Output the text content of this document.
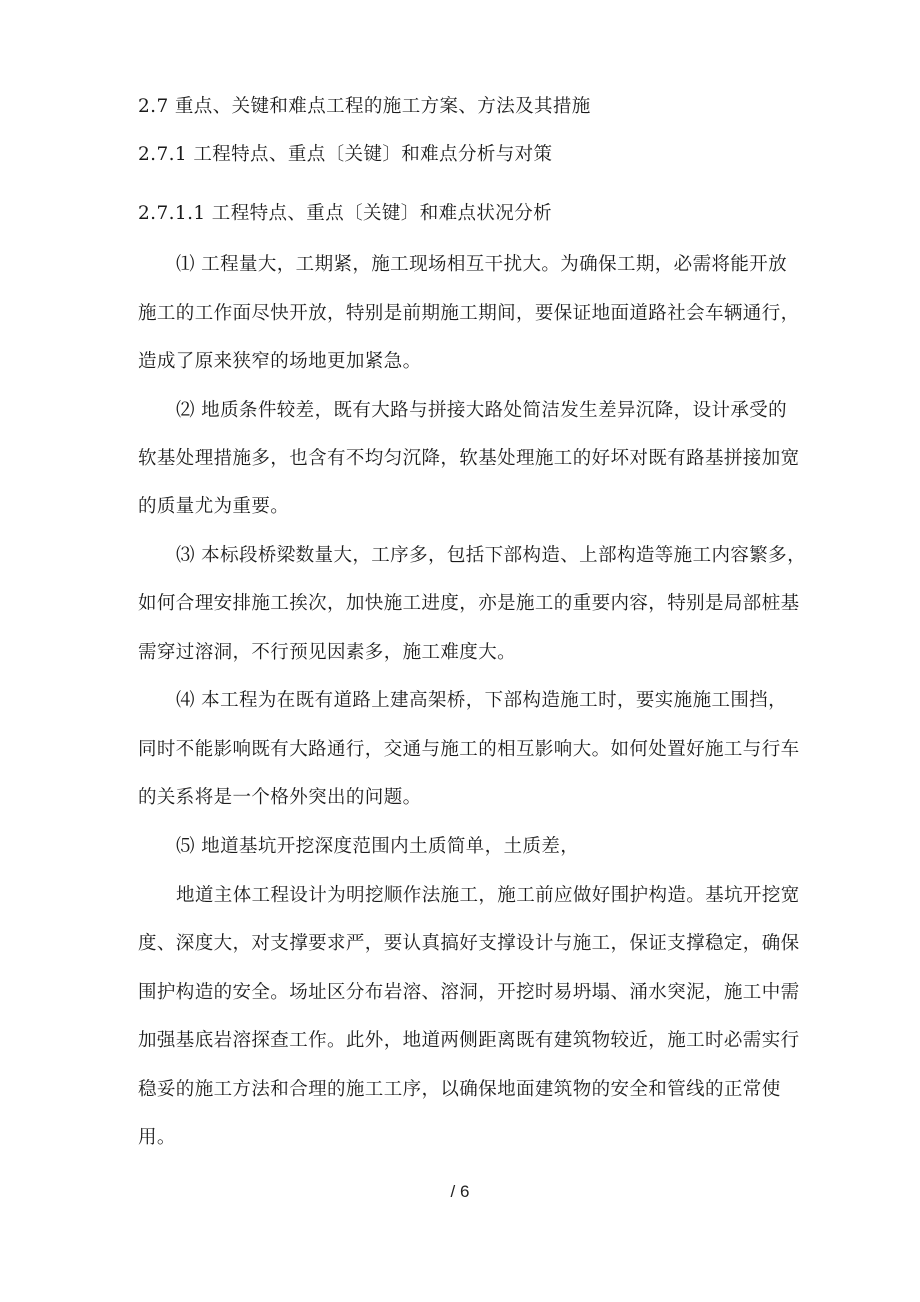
2.7 重点、关键和难点工程的施工方案、方法及其措施
2.7.1 工程特点、重点〔关键〕和难点分析与对策
2.7.1.1 工程特点、重点〔关键〕和难点状况分析
⑴ 工程量大，工期紧，施工现场相互干扰大。为确保工期，必需将能开放
施工的工作面尽快开放，特别是前期施工期间，要保证地面道路社会车辆通行，
造成了原来狭窄的场地更加紧急。
⑵ 地质条件较差，既有大路与拼接大路处简洁发生差异沉降，设计承受的
软基处理措施多，也含有不均匀沉降，软基处理施工的好坏对既有路基拼接加宽
的质量尤为重要。
⑶ 本标段桥梁数量大，工序多，包括下部构造、上部构造等施工内容繁多，
如何合理安排施工挨次，加快施工进度，亦是施工的重要内容，特别是局部桩基
需穿过溶洞，不行预见因素多，施工难度大。
⑷ 本工程为在既有道路上建高架桥，下部构造施工时，要实施施工围挡，
同时不能影响既有大路通行，交通与施工的相互影响大。如何处置好施工与行车
的关系将是一个格外突出的问题。
⑸ 地道基坑开挖深度范围内土质简单，土质差，
地道主体工程设计为明挖顺作法施工，施工前应做好围护构造。基坑开挖宽
度、深度大，对支撑要求严，要认真搞好支撑设计与施工，保证支撑稳定，确保
围护构造的安全。场址区分布岩溶、溶洞，开挖时易坍塌、涌水突泥，施工中需
加强基底岩溶探查工作。此外，地道两侧距离既有建筑物较近，施工时必需实行
稳妥的施工方法和合理的施工工序，以确保地面建筑物的安全和管线的正常使
用。
/ 6
